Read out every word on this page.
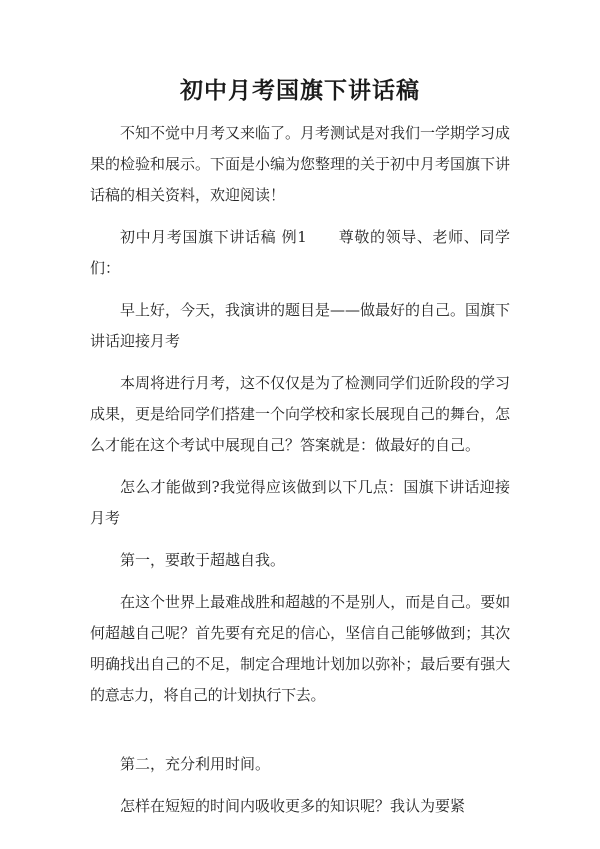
初中月考国旗下讲话稿

不知不觉中月考又来临了。月考测试是对我们一学期学习成果的检验和展示。下面是小编为您整理的关于初中月考国旗下讲话稿的相关资料，欢迎阅读！

初中月考国旗下讲话稿 例1　　尊敬的领导、老师、同学们：

早上好，今天，我演讲的题目是——做最好的自己。国旗下讲话迎接月考

本周将进行月考，这不仅仅是为了检测同学们近阶段的学习成果，更是给同学们搭建一个向学校和家长展现自己的舞台，怎么才能在这个考试中展现自己？答案就是：做最好的自己。

怎么才能做到?我觉得应该做到以下几点：国旗下讲话迎接月考

第一，要敢于超越自我。

在这个世界上最难战胜和超越的不是别人，而是自己。要如何超越自己呢？首先要有充足的信心，坚信自己能够做到；其次明确找出自己的不足，制定合理地计划加以弥补；最后要有强大的意志力，将自己的计划执行下去。

第二，充分利用时间。

怎样在短短的时间内吸收更多的知识呢？我认为要紧
